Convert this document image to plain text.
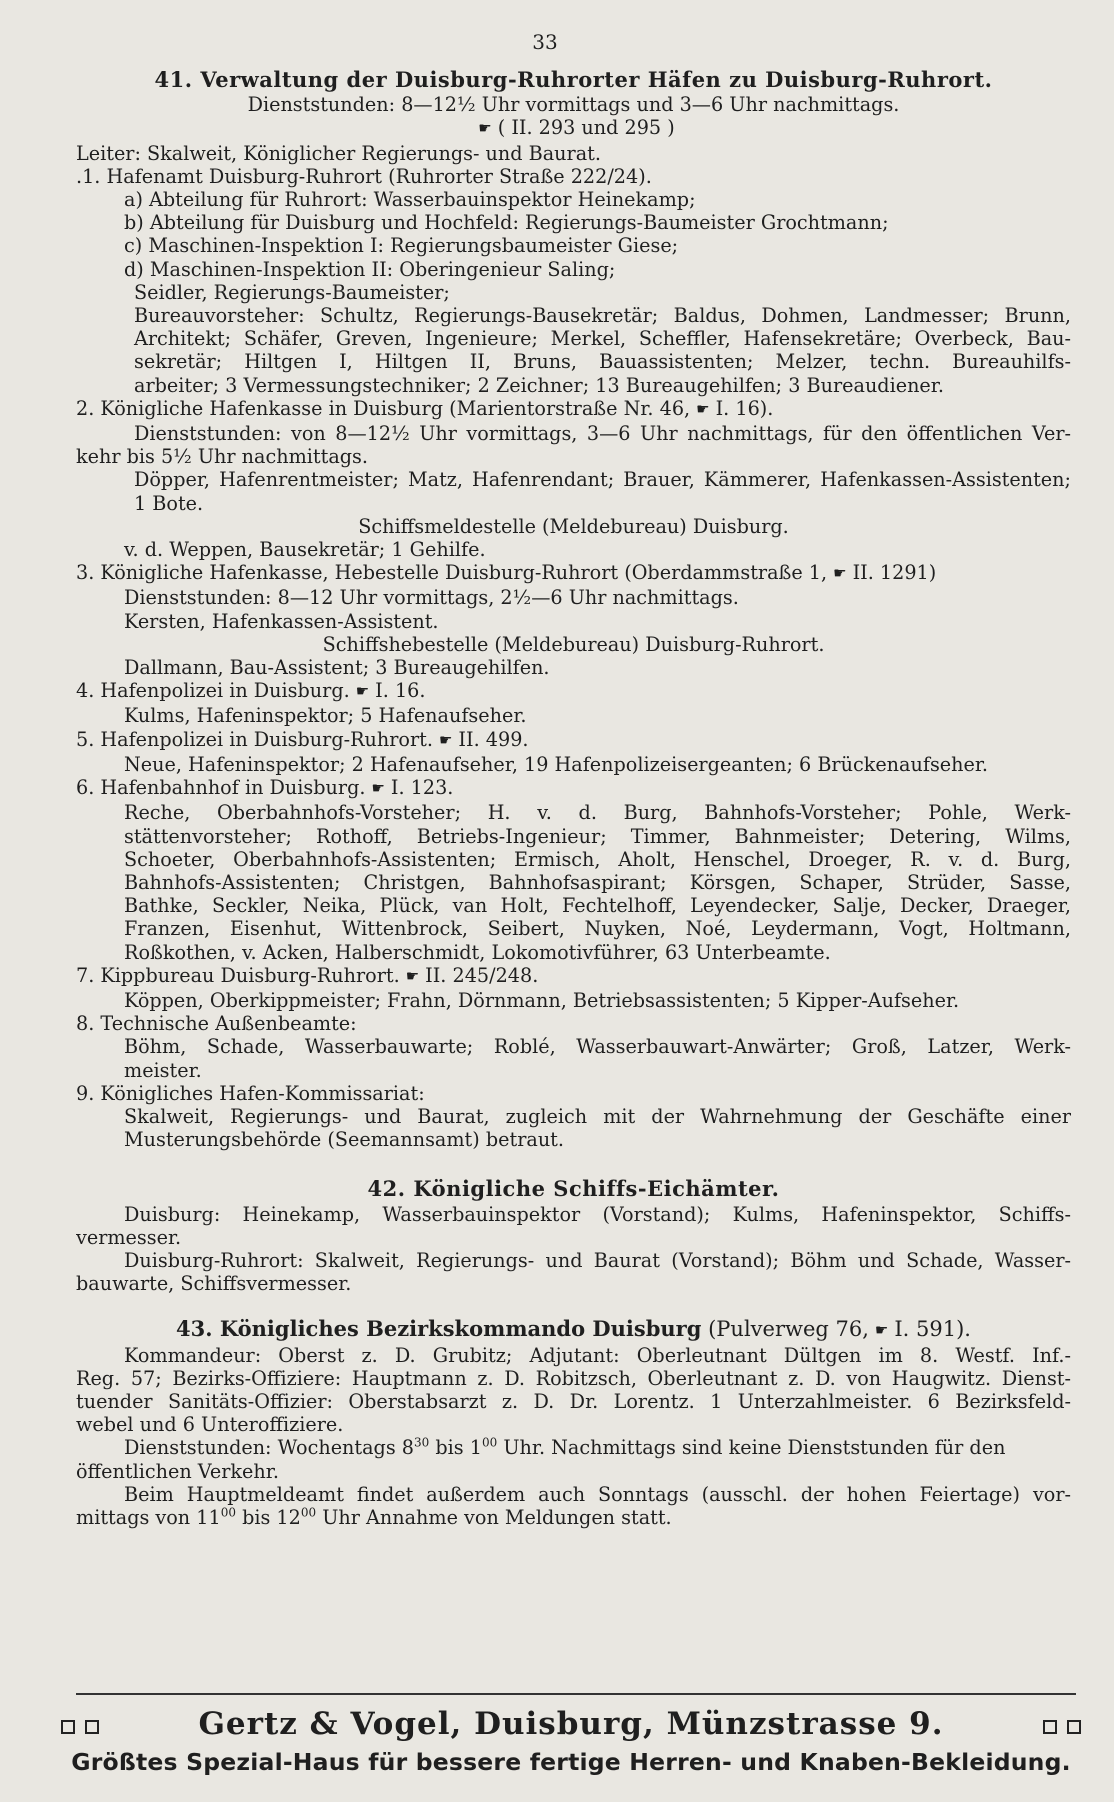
33
41. Verwaltung der Duisburg-Ruhrorter Häfen zu Duisburg-Ruhrort.
Dienststunden: 8—12½ Uhr vormittags und 3—6 Uhr nachmittags.
☛ ( II. 293 und 295 )
Leiter: Skalweit, Königlicher Regierungs- und Baurat.
.1. Hafenamt Duisburg-Ruhrort (Ruhrorter Straße 222/24).
a) Abteilung für Ruhrort: Wasserbauinspektor Heinekamp;
b) Abteilung für Duisburg und Hochfeld: Regierungs-Baumeister Grochtmann;
c) Maschinen-Inspektion I: Regierungsbaumeister Giese;
d) Maschinen-Inspektion II: Oberingenieur Saling;
Seidler, Regierungs-Baumeister;
Bureauvorsteher: Schultz, Regierungs-Bausekretär; Baldus, Dohmen, Landmesser; Brunn,
Architekt; Schäfer, Greven, Ingenieure; Merkel, Scheffler, Hafensekretäre; Overbeck, Bau-
sekretär; Hiltgen I, Hiltgen II, Bruns, Bauassistenten; Melzer, techn. Bureauhilfs-
arbeiter; 3 Vermessungstechniker; 2 Zeichner; 13 Bureaugehilfen; 3 Bureaudiener.
2. Königliche Hafenkasse in Duisburg (Marientorstraße Nr. 46, ☛ I. 16).
Dienststunden: von 8—12½ Uhr vormittags, 3—6 Uhr nachmittags, für den öffentlichen Ver-
kehr bis 5½ Uhr nachmittags.
Döpper, Hafenrentmeister; Matz, Hafenrendant; Brauer, Kämmerer, Hafenkassen-Assistenten;
1 Bote.
Schiffsmeldestelle (Meldebureau) Duisburg.
v. d. Weppen, Bausekretär; 1 Gehilfe.
3. Königliche Hafenkasse, Hebestelle Duisburg-Ruhrort (Oberdammstraße 1, ☛ II. 1291)
Dienststunden: 8—12 Uhr vormittags, 2½—6 Uhr nachmittags.
Kersten, Hafenkassen-Assistent.
Schiffshebestelle (Meldebureau) Duisburg-Ruhrort.
Dallmann, Bau-Assistent; 3 Bureaugehilfen.
4. Hafenpolizei in Duisburg. ☛ I. 16.
Kulms, Hafeninspektor; 5 Hafenaufseher.
5. Hafenpolizei in Duisburg-Ruhrort. ☛ II. 499.
Neue, Hafeninspektor; 2 Hafenaufseher, 19 Hafenpolizeisergeanten; 6 Brückenaufseher.
6. Hafenbahnhof in Duisburg. ☛ I. 123.
Reche, Oberbahnhofs-Vorsteher; H. v. d. Burg, Bahnhofs-Vorsteher; Pohle, Werk-
stättenvorsteher; Rothoff, Betriebs-Ingenieur; Timmer, Bahnmeister; Detering, Wilms,
Schoeter, Oberbahnhofs-Assistenten; Ermisch, Aholt, Henschel, Droeger, R. v. d. Burg,
Bahnhofs-Assistenten; Christgen, Bahnhofsaspirant; Körsgen, Schaper, Strüder, Sasse,
Bathke, Seckler, Neika, Plück, van Holt, Fechtelhoff, Leyendecker, Salje, Decker, Draeger,
Franzen, Eisenhut, Wittenbrock, Seibert, Nuyken, Noé, Leydermann, Vogt, Holtmann,
Roßkothen, v. Acken, Halberschmidt, Lokomotivführer, 63 Unterbeamte.
7. Kippbureau Duisburg-Ruhrort. ☛ II. 245/248.
Köppen, Oberkippmeister; Frahn, Dörnmann, Betriebsassistenten; 5 Kipper-Aufseher.
8. Technische Außenbeamte:
Böhm, Schade, Wasserbauwarte; Roblé, Wasserbauwart-Anwärter; Groß, Latzer, Werk-
meister.
9. Königliches Hafen-Kommissariat:
Skalweit, Regierungs- und Baurat, zugleich mit der Wahrnehmung der Geschäfte einer
Musterungsbehörde (Seemannsamt) betraut.
42. Königliche Schiffs-Eichämter.
Duisburg: Heinekamp, Wasserbauinspektor (Vorstand); Kulms, Hafeninspektor, Schiffs-
vermesser.
Duisburg-Ruhrort: Skalweit, Regierungs- und Baurat (Vorstand); Böhm und Schade, Wasser-
bauwarte, Schiffsvermesser.
43. Königliches Bezirkskommando Duisburg (Pulverweg 76, ☛ I. 591).
Kommandeur: Oberst z. D. Grubitz; Adjutant: Oberleutnant Dültgen im 8. Westf. Inf.-
Reg. 57; Bezirks-Offiziere: Hauptmann z. D. Robitzsch, Oberleutnant z. D. von Haugwitz. Dienst-
tuender Sanitäts-Offizier: Oberstabsarzt z. D. Dr. Lorentz. 1 Unterzahlmeister. 6 Bezirksfeld-
webel und 6 Unteroffiziere.
Dienststunden: Wochentags $8^{30}$ bis $1^{00}$ Uhr. Nachmittags sind keine Dienststunden für den
öffentlichen Verkehr.
Beim Hauptmeldeamt findet außerdem auch Sonntags (ausschl. der hohen Feiertage) vor-
mittags von $11^{00}$ bis $12^{00}$ Uhr Annahme von Meldungen statt.
Gertz & Vogel, Duisburg, Münzstrasse 9.
Größtes Spezial-Haus für bessere fertige Herren- und Knaben-Bekleidung.
